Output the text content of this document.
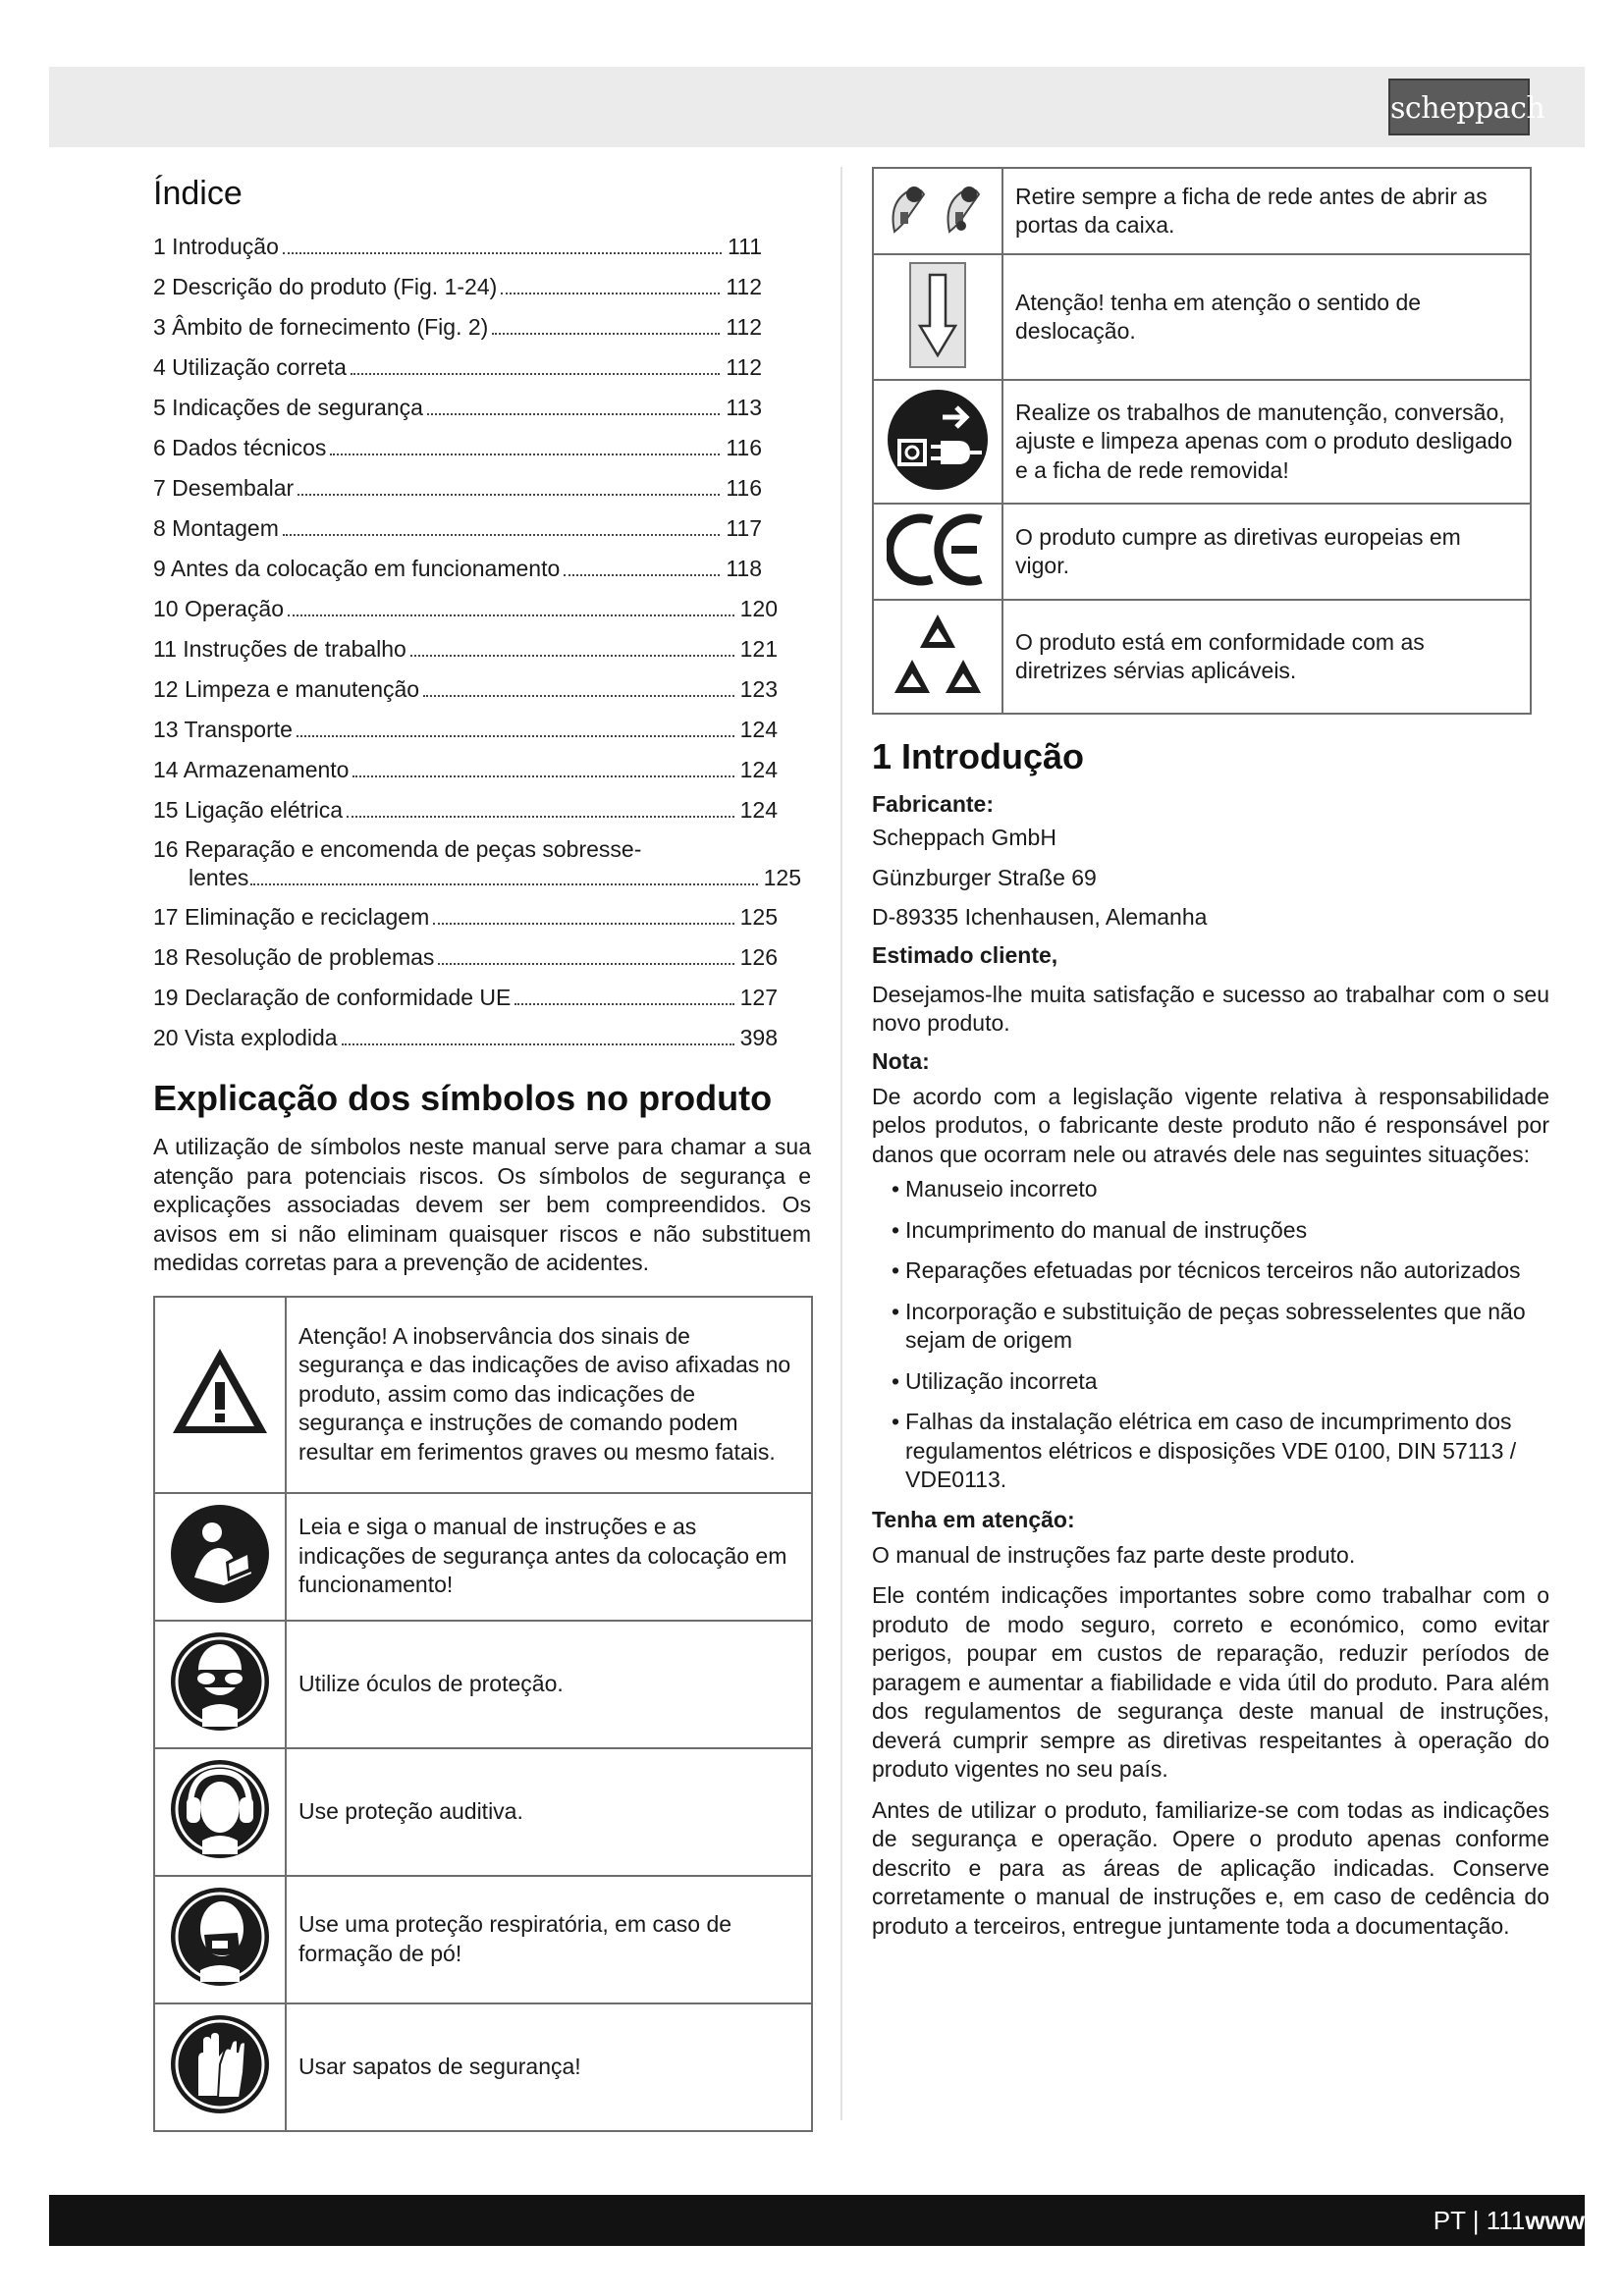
scheppach
Índice
1 Introdução	111
2 Descrição do produto (Fig. 1-24)	112
3 Âmbito de fornecimento (Fig. 2)	112
4 Utilização correta	112
5 Indicações de segurança	113
6 Dados técnicos	116
7 Desembalar	116
8 Montagem	117
9 Antes da colocação em funcionamento	118
10 Operação	120
11 Instruções de trabalho	121
12 Limpeza e manutenção	123
13 Transporte	124
14 Armazenamento	124
15 Ligação elétrica	124
16 Reparação e encomenda de peças sobresse-
lentes	125
17 Eliminação e reciclagem	125
18 Resolução de problemas	126
19 Declaração de conformidade UE	127
20 Vista explodida	398
Explicação dos símbolos no produto

A utilização de símbolos neste manual serve para chamar a sua atenção para potenciais riscos. Os símbolos de segurança e explicações associadas devem ser bem compreendidos. Os avisos em si não eliminam quaisquer riscos e não substituem medidas corretas para a prevenção de acidentes.

	Atenção! A inobservância dos sinais de segurança e das indicações de aviso afixadas no produto, assim como das indicações de segurança e instruções de comando podem resultar em ferimentos graves ou mesmo fatais.
	Leia e siga o manual de instruções e as indicações de segurança antes da colocação em funcionamento!
	Utilize óculos de proteção.
	Use proteção auditiva.
	Use uma proteção respiratória, em caso de formação de pó!
	Usar sapatos de segurança!
	Retire sempre a ficha de rede antes de abrir as portas da caixa.
	Atenção! tenha em atenção o sentido de deslocação.
	Realize os trabalhos de manutenção, conversão, ajuste e limpeza apenas com o produto desligado e a ficha de rede removida!
	O produto cumpre as diretivas europeias em vigor.
	O produto está em conformidade com as diretrizes sérvias aplicáveis.
1 Introdução
Fabricante:
Scheppach GmbH
Günzburger Straße 69
D-89335 Ichenhausen, Alemanha
Estimado cliente,

Desejamos-lhe muita satisfação e sucesso ao trabalhar com o seu novo produto.

Nota:

De acordo com a legislação vigente relativa à responsabilidade pelos produtos, o fabricante deste produto não é responsável por danos que ocorram nele ou através dele nas seguintes situações:

• Manuseio incorreto
• Incumprimento do manual de instruções
• Reparações efetuadas por técnicos terceiros não autorizados
• Incorporação e substituição de peças sobresselentes que não sejam de origem
• Utilização incorreta
• Falhas da instalação elétrica em caso de incumprimento dos regulamentos elétricos e disposições VDE 0100, DIN 57113 / VDE0113.
Tenha em atenção:

O manual de instruções faz parte deste produto.

Ele contém indicações importantes sobre como trabalhar com o produto de modo seguro, correto e económico, como evitar perigos, poupar em custos de reparação, reduzir períodos de paragem e aumentar a fiabilidade e vida útil do produto. Para além dos regulamentos de segurança deste manual de instruções, deverá cumprir sempre as diretivas respeitantes à operação do produto vigentes no seu país.

Antes de utilizar o produto, familiarize-se com todas as indicações de segurança e operação. Opere o produto apenas conforme descrito e para as áreas de aplicação indicadas. Conserve corretamente o manual de instruções e, em caso de cedência do produto a terceiros, entregue juntamente toda a documentação.

PT | 111www
